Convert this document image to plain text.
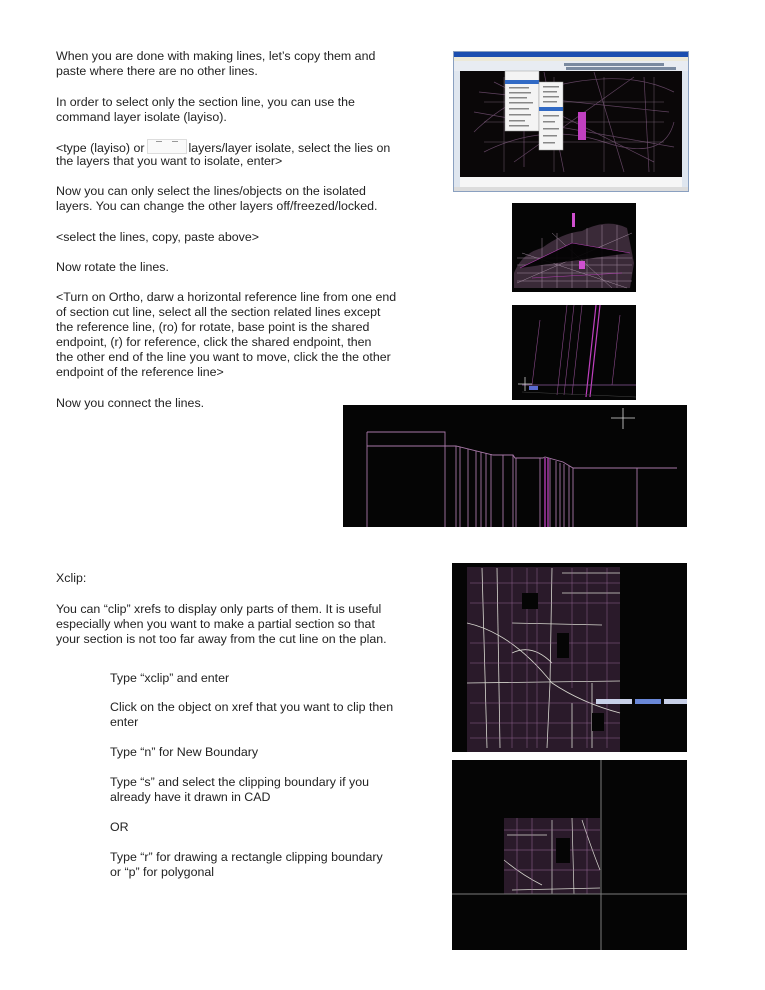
When you are done with making lines, let’s copy them and

paste where there are no other lines.

In order to select only the section line, you can use the

command layer isolate (layiso).

<type (layiso) or	layers/layer isolate, select the lies on

the layers that you want to isolate, enter>

Now you can only select the lines/objects on the isolated

layers. You can change the other layers off/freezed/locked.

<select the lines, copy, paste above>

Now rotate the lines.

<Turn on Ortho, darw a horizontal reference line from one end

of section cut line, select all the section related lines except

the reference line, (ro) for rotate, base point is the shared

endpoint, (r) for reference, click the shared endpoint, then

the other end of the line you want to move, click the the other

endpoint of the reference line>

Now you connect the lines.

Xclip:

You can “clip” xrefs to display only parts of them. It is useful

especially when you want to make a partial section so that

your section is not too far away from the cut line on the plan.

Type “xclip” and enter

Click on the object on xref that you want to clip then

enter

Type “n” for New Boundary

Type “s” and select the clipping boundary if you

already have it drawn in CAD

OR

Type “r” for drawing a rectangle clipping boundary

or “p” for polygonal
